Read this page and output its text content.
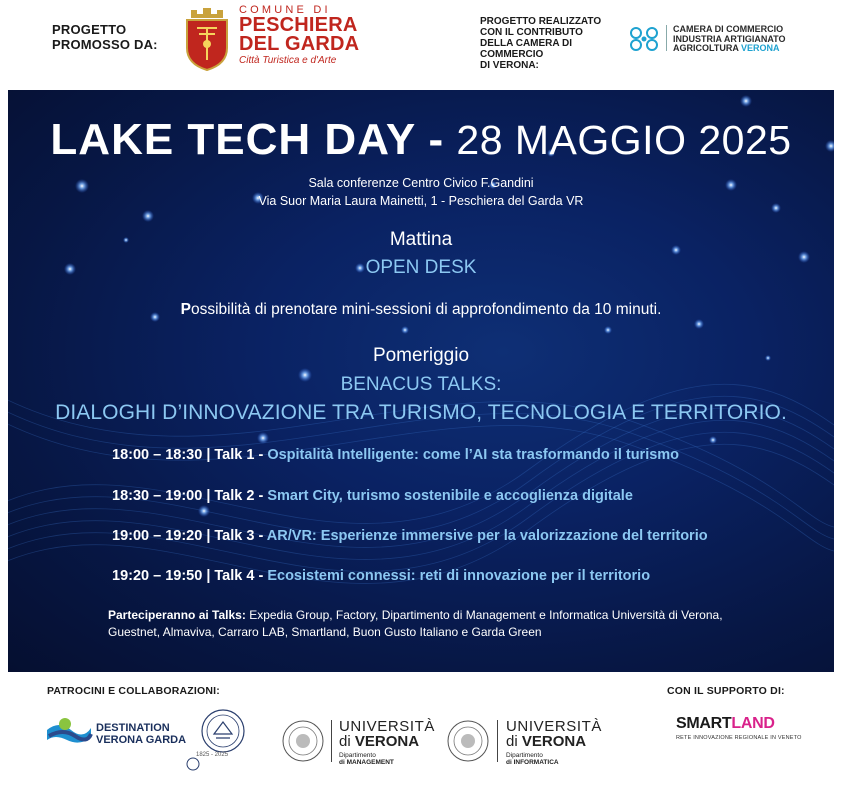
PROGETTO
PROMOSSO DA:
COMUNE DI
PESCHIERA
DEL GARDA
Città Turistica e d'Arte
PROGETTO REALIZZATO
CON IL CONTRIBUTO
DELLA CAMERA DI COMMERCIO
DI VERONA:
CAMERA DI COMMERCIO
INDUSTRIA ARTIGIANATO
AGRICOLTURA VERONA
LAKE TECH DAY - 28 MAGGIO 2025
Sala conferenze Centro Civico F.Gandini
Via Suor Maria Laura Mainetti, 1 - Peschiera del Garda VR
Mattina
OPEN DESK
Possibilità di prenotare mini-sessioni di approfondimento da 10 minuti.
Pomeriggio
BENACUS TALKS:
DIALOGHI D’INNOVAZIONE TRA TURISMO, TECNOLOGIA E TERRITORIO.
18:00 – 18:30 | Talk 1 - Ospitalità Intelligente: come l’AI sta trasformando il turismo
18:30 – 19:00 | Talk 2 - Smart City, turismo sostenibile e accoglienza digitale
19:00 – 19:20 | Talk 3 - AR/VR: Esperienze immersive per la valorizzazione del territorio
19:20 – 19:50 | Talk 4 - Ecosistemi connessi: reti di innovazione per il territorio
Parteciperanno ai Talks: Expedia Group, Factory, Dipartimento di Management e Informatica Università di Verona,
Guestnet, Almaviva, Carraro LAB, Smartland, Buon Gusto Italiano e Garda Green
PATROCINI E COLLABORAZIONI:	CON IL SUPPORTO DI:
DESTINATION
VERONA GARDA
1825 - 2025
UNIVERSITÀ
di VERONA
Dipartimento
di MANAGEMENT
UNIVERSITÀ
di VERONA
Dipartimento
di INFORMATICA
SMARTLAND
RETE INNOVAZIONE REGIONALE IN VENETO
